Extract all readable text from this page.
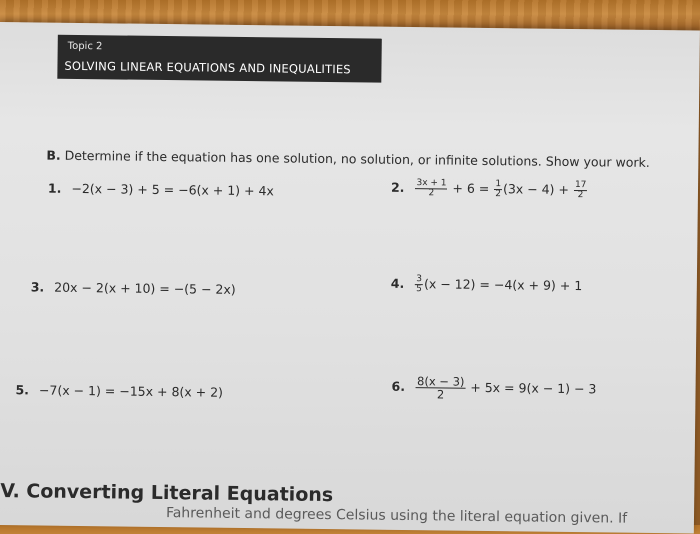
Topic 2
SOLVING LINEAR EQUATIONS AND INEQUALITIES
B. Determine if the equation has one solution, no solution, or infinite solutions. Show your work.
1. −2(x − 3) + 5 = −6(x + 1) + 4x	2. $\frac{3x + 1}{2} + 6 = \frac{1}{2} (3x - 4) + \frac{17}{2}$
3. 20x − 2(x + 10) = −(5 − 2x)	4. $\frac{3}{5} (x - 12) = -4(x + 9) + 1$
5. −7(x − 1) = −15x + 8(x + 2)	6. $\frac{8(x - 3)}{2} + 5x = 9(x - 1) - 3$
V. Converting Literal Equations
Fahrenheit and degrees Celsius using the literal equation given. If
